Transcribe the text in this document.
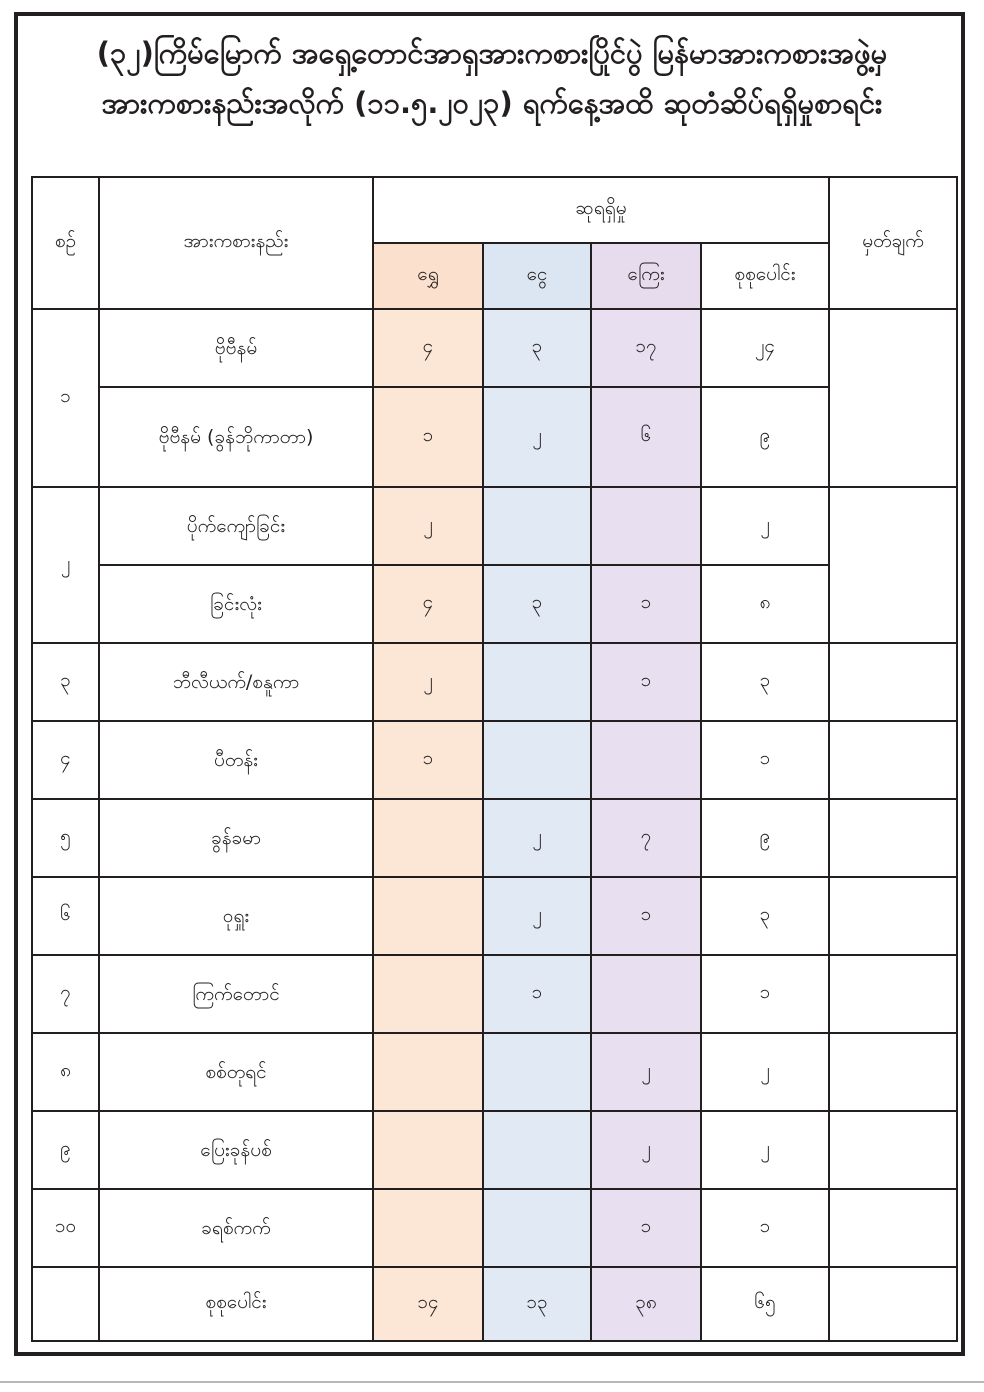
(၃၂)ကြိမ်မြောက် အရှေ့တောင်အာရှအားကစားပြိုင်ပွဲ မြန်မာအားကစားအဖွဲ့မှ
အားကစားနည်းအလိုက် (၁၁.၅.၂၀၂၃) ရက်နေ့အထိ ဆုတံဆိပ်ရရှိမှုစာရင်း
စဉ်	အားကစားနည်း	ဆုရရှိမှု				မှတ်ချက်
		ရွှေ	ငွေ	ကြေး	စုစုပေါင်း	
၁	ဗိုဗီနမ်	၄	၃	၁၇	၂၄	
	ဗိုဗီနမ် (ခွန်ဘိုကာတာ)	၁	၂	၆	၉	
၂	ပိုက်ကျော်ခြင်း	၂			၂	
	ခြင်းလုံး	၄	၃	၁	၈	
၃	ဘီလီယက်/စနူကာ	၂		၁	၃	
၄	ပီတန်း	၁			၁	
၅	ခွန်ခမာ		၂	၇	၉	
၆	ဝုရှူး		၂	၁	၃	
၇	ကြက်တောင်		၁		၁	
၈	စစ်တုရင်			၂	၂	
၉	ပြေးခုန်ပစ်			၂	၂	
၁၀	ခရစ်ကက်			၁	၁	
	စုစုပေါင်း	၁၄	၁၃	၃၈	၆၅	
